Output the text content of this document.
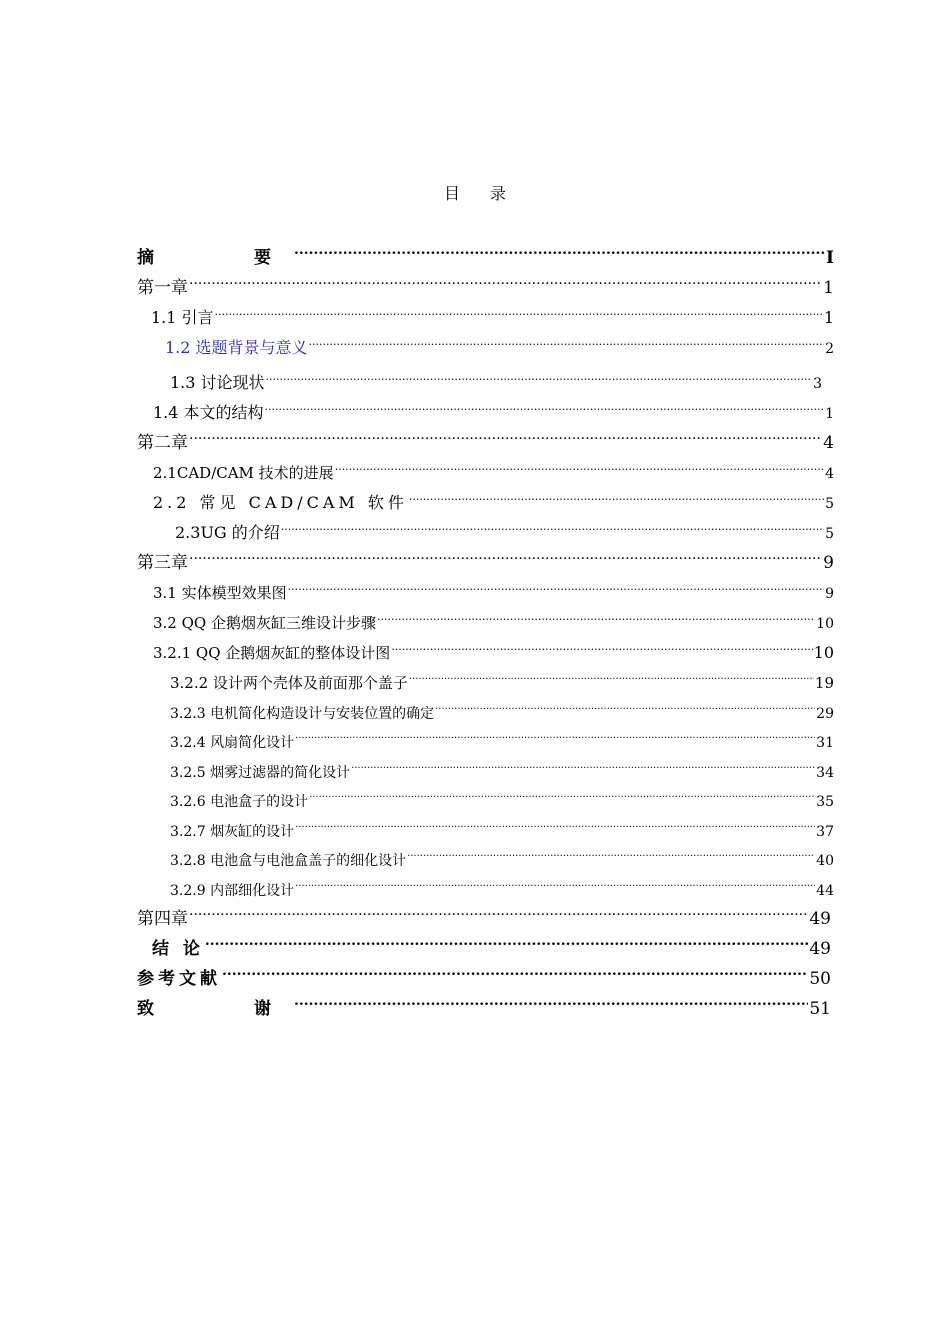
目 录
摘　　要 .....	I
第一章 .....	1
1.1 引言 .....	1
1.2 选题背景与意义 .....	2
1.3 讨论现状 .....	3
1.4 本文的结构 .....	1
第二章 .....	4
2.1CAD/CAM 技术的进展 .....	4
2.2 常见 CAD/CAM 软件 .....	5
2.3UG 的介绍 .....	5
第三章 .....	9
3.1 实体模型效果图 .....	9
3.2 QQ 企鹅烟灰缸三维设计步骤 .....	10
3.2.1 QQ 企鹅烟灰缸的整体设计图 .....	10
3.2.2 设计两个壳体及前面那个盖子 .....	19
3.2.3 电机简化构造设计与安装位置的确定 .....	29
3.2.4 风扇简化设计 .....	31
3.2.5 烟雾过滤器的简化设计 .....	34
3.2.6 电池盒子的设计 .....	35
3.2.7 烟灰缸的设计 .....	37
3.2.8 电池盒与电池盒盖子的细化设计 .....	40
3.2.9 内部细化设计 .....	44
第四章 .....	49
结 论 .....	49
参考文献 .....	50
致　　谢 .....	51
